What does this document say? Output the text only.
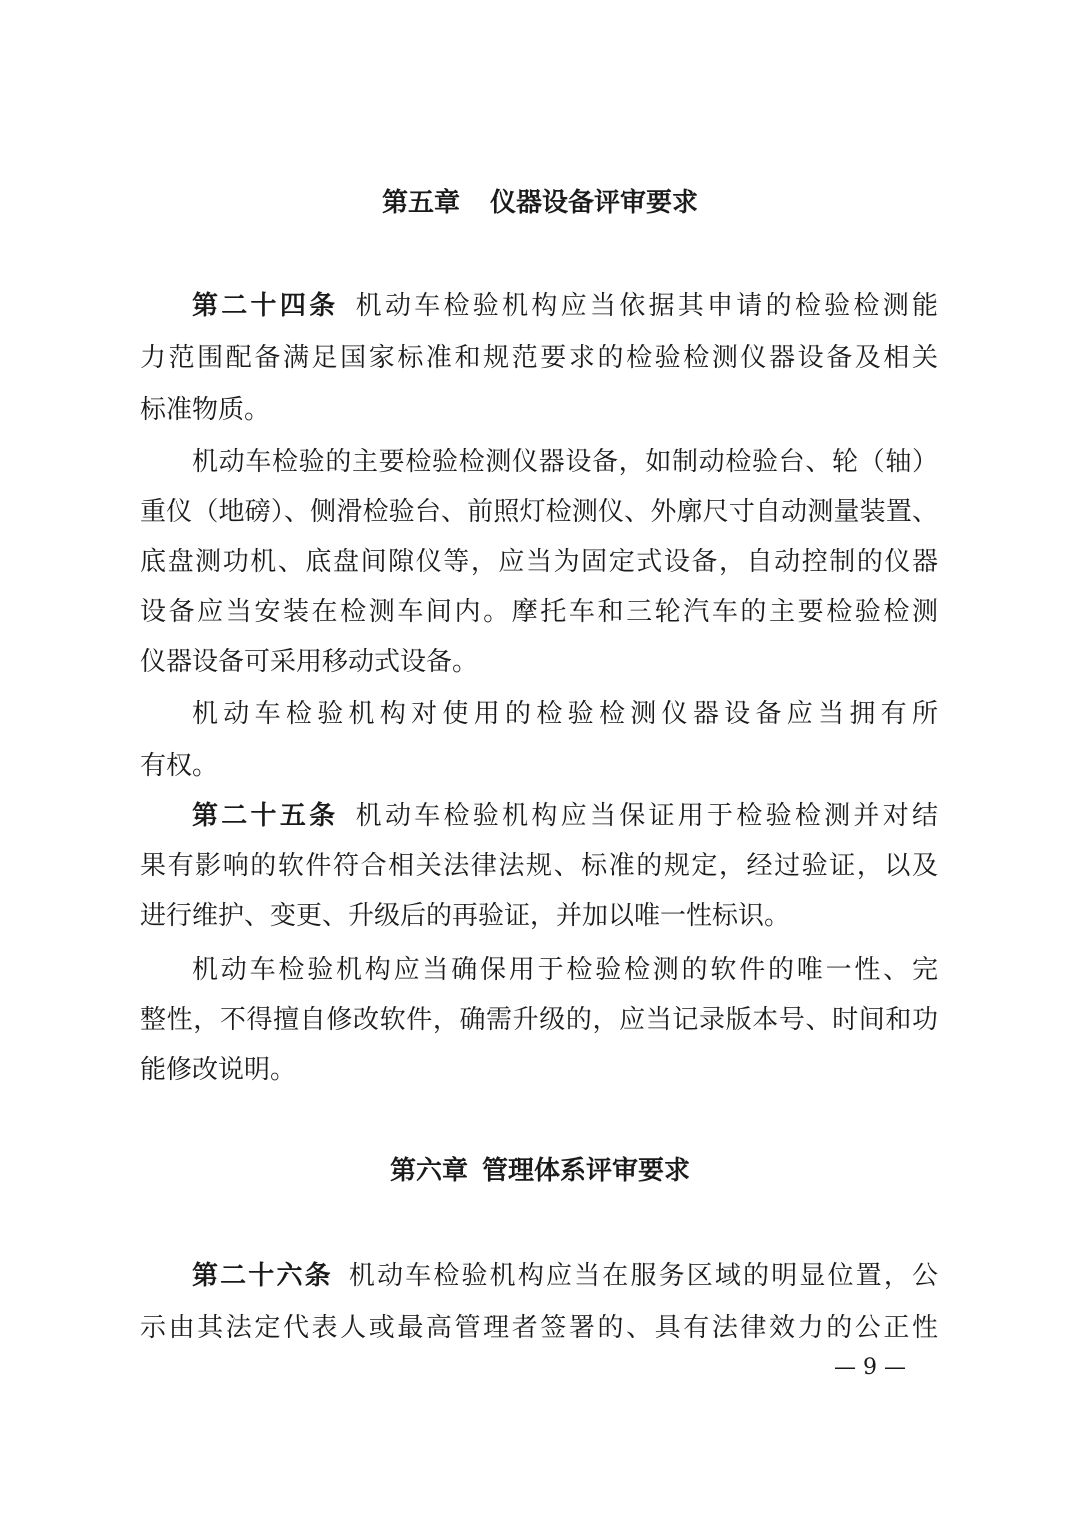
第五章 仪器设备评审要求
第二十四条 机动车检验机构应当依据其申请的检验检测能
力范围配备满足国家标准和规范要求的检验检测仪器设备及相关
标准物质。
机动车检验的主要检验检测仪器设备，如制动检验台、轮（轴）
重仪（地磅）、侧滑检验台、前照灯检测仪、外廓尺寸自动测量装置、
底盘测功机、底盘间隙仪等，应当为固定式设备，自动控制的仪器
设备应当安装在检测车间内。摩托车和三轮汽车的主要检验检测
仪器设备可采用移动式设备。
机动车检验机构对使用的检验检测仪器设备应当拥有所
有权。
第二十五条 机动车检验机构应当保证用于检验检测并对结
果有影响的软件符合相关法律法规、标准的规定，经过验证，以及
进行维护、变更、升级后的再验证，并加以唯一性标识。
机动车检验机构应当确保用于检验检测的软件的唯一性、完
整性，不得擅自修改软件，确需升级的，应当记录版本号、时间和功
能修改说明。
第六章 管理体系评审要求
第二十六条 机动车检验机构应当在服务区域的明显位置，公
示由其法定代表人或最高管理者签署的、具有法律效力的公正性
— 9 —
